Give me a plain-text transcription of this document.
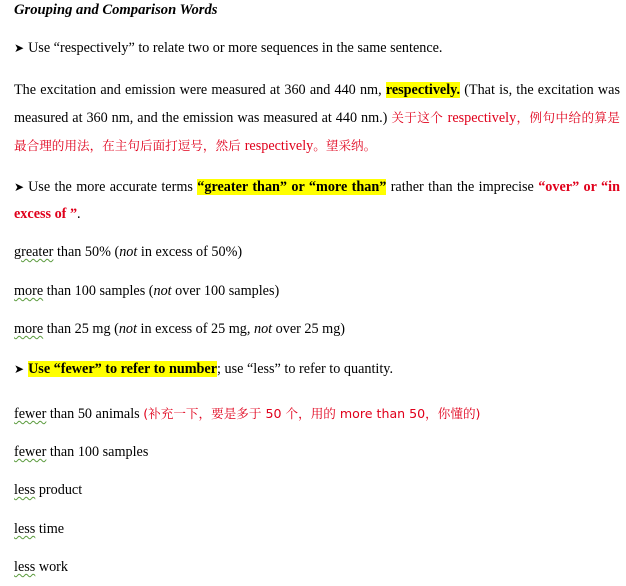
Grouping and Comparison Words
➤ Use “respectively” to relate two or more sequences in the same sentence.
The excitation and emission were measured at 360 and 440 nm, respectively. (That is, the excitation was measured at 360 nm, and the emission was measured at 440 nm.) 关于这个 respectively，例句中给的算是最合理的用法，在主句后面打逗号，然后 respectively。望采纳。
➤ Use the more accurate terms “greater than” or “more than” rather than the imprecise “over” or “in excess of ”.
greater than 50% (not in excess of 50%)
more than 100 samples (not over 100 samples)
more than 25 mg (not in excess of 25 mg, not over 25 mg)
➤ Use “fewer” to refer to number; use “less” to refer to quantity.
fewer than 50 animals (补充一下，要是多于 50 个，用的 more than 50，你懂的)
fewer than 100 samples
less product
less time
less work
